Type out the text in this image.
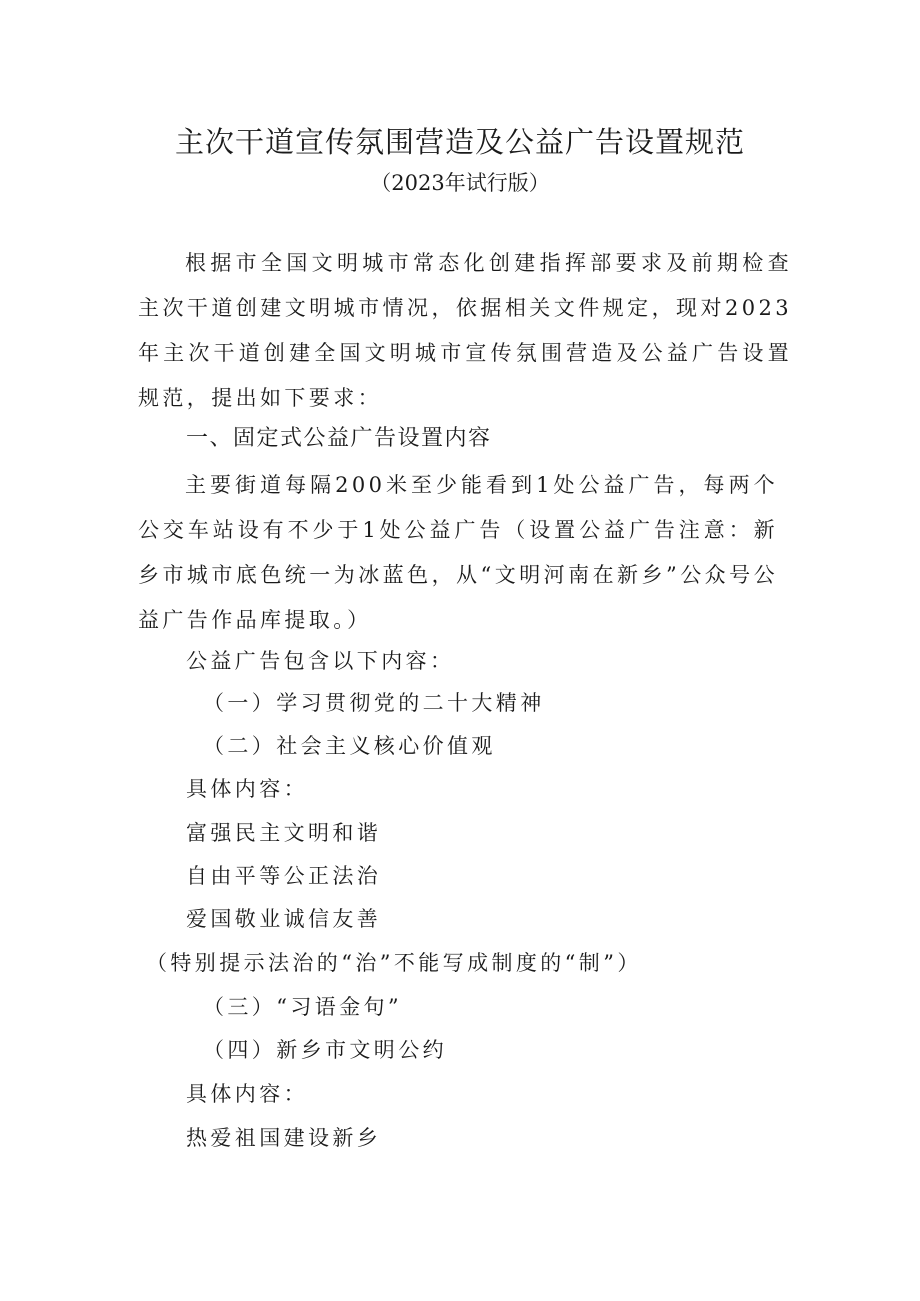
主次干道宣传氛围营造及公益广告设置规范
（2023年试行版）
根据市全国文明城市常态化创建指挥部要求及前期检查主次干道创建文明城市情况，依据相关文件规定，现对2023年主次干道创建全国文明城市宣传氛围营造及公益广告设置规范，提出如下要求：
一、固定式公益广告设置内容
主要街道每隔200米至少能看到1处公益广告，每两个公交车站设有不少于1处公益广告（设置公益广告注意：新乡市城市底色统一为冰蓝色，从“文明河南在新乡”公众号公益广告作品库提取。）
公益广告包含以下内容：
（一）学习贯彻党的二十大精神
（二）社会主义核心价值观
具体内容：
富强民主文明和谐
自由平等公正法治
爱国敬业诚信友善
（特别提示法治的“治”不能写成制度的“制”）
（三）“习语金句”
（四）新乡市文明公约
具体内容：
热爱祖国建设新乡
